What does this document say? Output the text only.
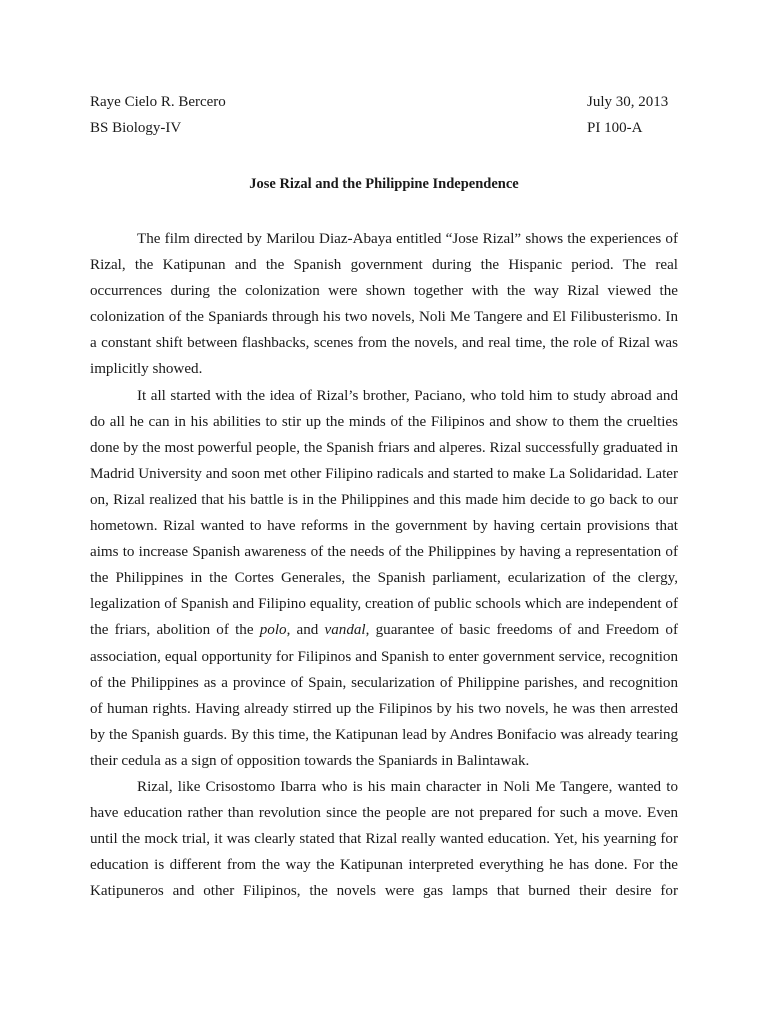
Raye Cielo R. Bercero	July 30, 2013
BS Biology-IV	PI 100-A
Jose Rizal and the Philippine Independence

The film directed by Marilou Diaz-Abaya entitled “Jose Rizal” shows the experiences of Rizal, the Katipunan and the Spanish government during the Hispanic period. The real occurrences during the colonization were shown together with the way Rizal viewed the colonization of the Spaniards through his two novels, Noli Me Tangere and El Filibusterismo. In a constant shift between flashbacks, scenes from the novels, and real time, the role of Rizal was implicitly showed.

It all started with the idea of Rizal’s brother, Paciano, who told him to study abroad and do all he can in his abilities to stir up the minds of the Filipinos and show to them the cruelties done by the most powerful people, the Spanish friars and alperes. Rizal successfully graduated in Madrid University and soon met other Filipino radicals and started to make La Solidaridad. Later on, Rizal realized that his battle is in the Philippines and this made him decide to go back to our hometown. Rizal wanted to have reforms in the government by having certain provisions that aims to increase Spanish awareness of the needs of the Philippines by having a representation of the Philippines in the Cortes Generales, the Spanish parliament, ecularization of the clergy, legalization of Spanish and Filipino equality, creation of public schools which are independent of the friars, abolition of the polo, and vandal, guarantee of basic freedoms of and Freedom of association, equal opportunity for Filipinos and Spanish to enter government service, recognition of the Philippines as a province of Spain, secularization of Philippine parishes, and recognition of human rights. Having already stirred up the Filipinos by his two novels, he was then arrested by the Spanish guards. By this time, the Katipunan lead by Andres Bonifacio was already tearing their cedula as a sign of opposition towards the Spaniards in Balintawak.

Rizal, like Crisostomo Ibarra who is his main character in Noli Me Tangere, wanted to have education rather than revolution since the people are not prepared for such a move. Even until the mock trial, it was clearly stated that Rizal really wanted education. Yet, his yearning for education is different from the way the Katipunan interpreted everything he has done. For the Katipuneros and other Filipinos, the novels were gas lamps that burned their desire for
